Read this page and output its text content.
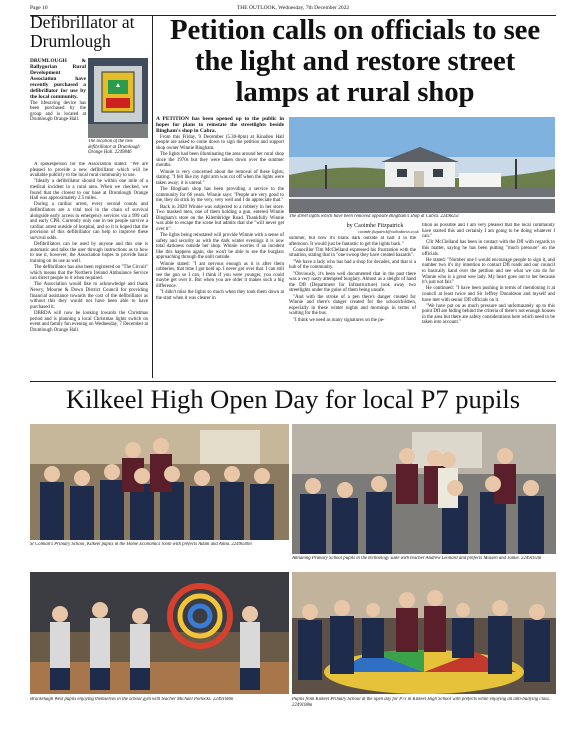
Page 10	THE OUTLOOK, Wednesday, 7th December 2022
Defibrillator at Drumlough

DRUMLOUGH & Ballygorian Rural Development Association have recently purchased a defibrillator for use by the local community.

The lifesaving device has been purchased by the group and is located at Drumlough Orange Hall.

The location of the new defibrillator at Drumlough Orange Hall. 2249846

A spokesperson for the Association stated: "We are pleased to provide a new defibrillator which will be available publicly to the local rural community to use.

"Ideally a defibrillator should be within one mile of a medical incident in a rural area. When we checked, we found that the closest to our base at Drumlough Orange Hall was approximately 2.5 miles.

During a cardiac arrest, every second counts and defibrillators are a vital tool in the chain of survival alongside early access to emergency services via a 999 call and early CPR. Currently only one in ten people survive a cardiac arrest outside of hospital, and so it is hoped that the provision of this defibrillator can help to improve these survival odds.

Defibrillators can be used by anyone and this one is automatic and talks the user through instructions as to how to use it, however, the Association hopes to provide basic training on its use as well.

The defibrillator has also been registered on "The Circuit" which means that the Northern Ireland Ambulance Service can direct people to it when required.

The Association would like to acknowledge and thank Newry, Mourne & Down District Council for providing financial assistance towards the cost of the defibrillator as without this they would not have been able to have purchased it.

DBRDA will now be looking towards the Christmas period and is planning a local Christmas lights switch on event and family fun evening on Wednesday, 7 December at Drumlough Orange Hall.

Petition calls on officials to see the light and restore street lamps at rural shop

A PETITION has been opened up to the public in hopes for plans to reinstate the streetlights beside Bingham's shop in Cabra.

From this Friday, 9 December (5.30-8pm) at Kinallen Hall people are asked to come down to sign the petition and support shop owner Winnie Bingham.

The lights had been illuminating the area around her rural shop since the 1970s but they were taken down over the summer months.

Winnie is very concerned about the removal of these lights, stating: "I felt like my right arm was cut off when the lights were taken away; it is unreal."

The Bingham shop has been providing a service to the community for 66 years. Winnie says: "People are very good to me, they do stick by me very, very well and I do appreciate that."

Back in 2020 Winnie was subjected to a robbery in her store. Two masked men, one of them holding a gun, entered Winnie Bingham's store on the Kilembridge Road. Thankfully Winnie was able to escape the scene but admits that she "will never get over it".

The lights being reinstated will provide Winnie with a sense of safety and security as with the dark winter evenings it is now total darkness outside her shop. Winnie worries if an incident like this happens again, she won't be able to see the burglars approaching through the unlit outside.

Winnie stated: "I am nervous enough as it is after them robberies, that time I got held up. I never got over that. I can still see the gun so I can, I think if you were younger, you could maybe get over it. But when you are older it makes such a big difference.

"I didn't miss the lights so much when they took them down at the start when it was clearer in

The street lights which have been removed opposite Bingham's shop at Cabra. 2249825c
by Caoimhe Fitzpatrick
caoimhe.fitzpatrick@outlooknews.co.uk

summer, but now it's black dark outside at half 4 in the afternoon. It would just be fantastic to get the lights back."

Councillor Tim McClelland expressed his frustration with the situation, stating that in "one swoop they have created hazards".

"We have a lady who has had a shop for decades, and that is a hub of the community.

"Obviously, it's been well documented that in the past there was a very nasty attempted burglary. Almost as a sleight of hand the DfI (Department for Infrastructure) took away two streetlights under the guise of them being unsafe.

"And with the stroke of a pen there's danger created for Winnie and there's danger created for the schoolchildren, especially in these winter nights and mornings in terms of waiting for the bus.

"I think we need as many signatures on the pe-

tition as possible and I am very pleased that the local community have started this and certainly I am going to be doing whatever I can."

Cllr McClelland has been in contact with the DfI with regards to this matter, saying he has been putting "much pressure" on the officials.

He stated: "Number one I would encourage people to sign it, and number two it's my intention to contact DfI roads and our council to basically hand over the petition and see what we can do for Winnie who is a great wee lady. My heart goes out to her because it's just not fair."

He continued: "I have been pushing in terms of mentioning it at council at least twice and Sir Jeffrey Donaldson and myself and have met with senior DfI officials on it.

"We have put on as much pressure and unfortunately up to this point DfI are hiding behind the criteria of there's not enough houses in the area but there are safety considerations here which need to be taken into account."

Kilkeel High Open Day for local P7 pupils
St Colman's Primary School, Kilkeel pupils in the Home Economics room with prefects Adam and Anna. 2249030m
Annalong Primary School pupils in the technology suite with teacher Andrew Leonard and prefects Maisen and Jamie. 2249102m
Brackenagh West pupils enjoying themselves in the school gym with teacher Michael Pollocks. 2249108m	Pupils from Kilkeel Primary School at the open day for P7s in Kilkeel High School with prefects while enjoying an anti-bullying class. 2249108m
